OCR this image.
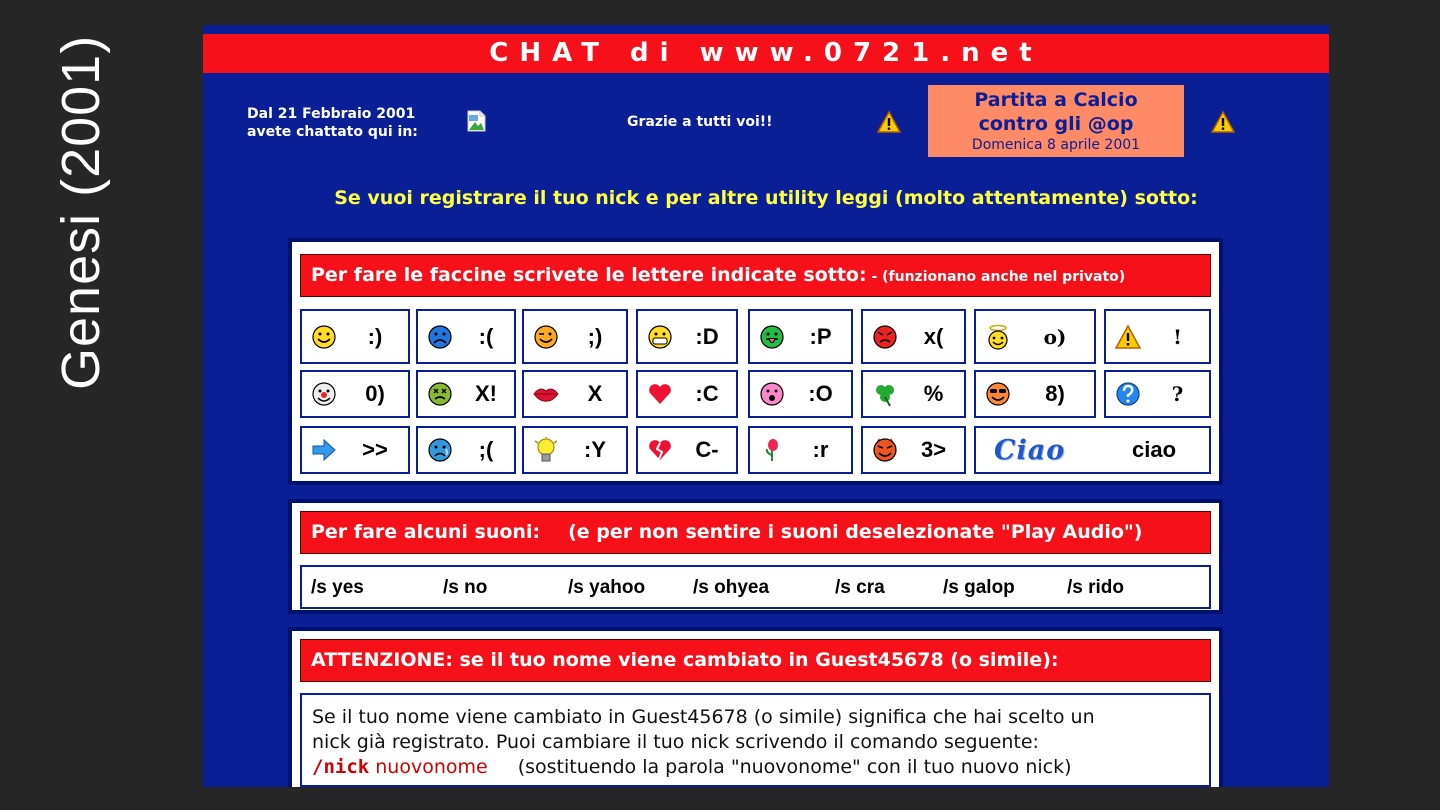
Genesi (2001)	CHAT di www.0721.net
Dal 21 Febbraio 2001
avete chattato qui in:
Grazie a tutti voi!!
Partita a Calcio
contro gli @op
Domenica 8 aprile 2001
Se vuoi registrare il tuo nick e per altre utility leggi (molto attentamente) sotto:
Per fare le faccine scrivete le lettere indicate sotto: - (funzionano anche nel privato)
:)	:(	;)	:D	:P	x(	o)	!
0)	X!	X	:C	:O	%	8)	?
>>	;(	:Y	C-	:r	3>	Ciao	ciao
Per fare alcuni suoni: (e per non sentire i suoni deselezionate "Play Audio")
/s yes	/s no	/s yahoo	/s ohyea	/s cra	/s galop	/s rido
ATTENZIONE: se il tuo nome viene cambiato in Guest45678 (o simile):
Se il tuo nome viene cambiato in Guest45678 (o simile) significa che hai scelto un
nick già registrato. Puoi cambiare il tuo nick scrivendo il comando seguente:
/nick nuovonome (sostituendo la parola "nuovonome" con il tuo nuovo nick)
